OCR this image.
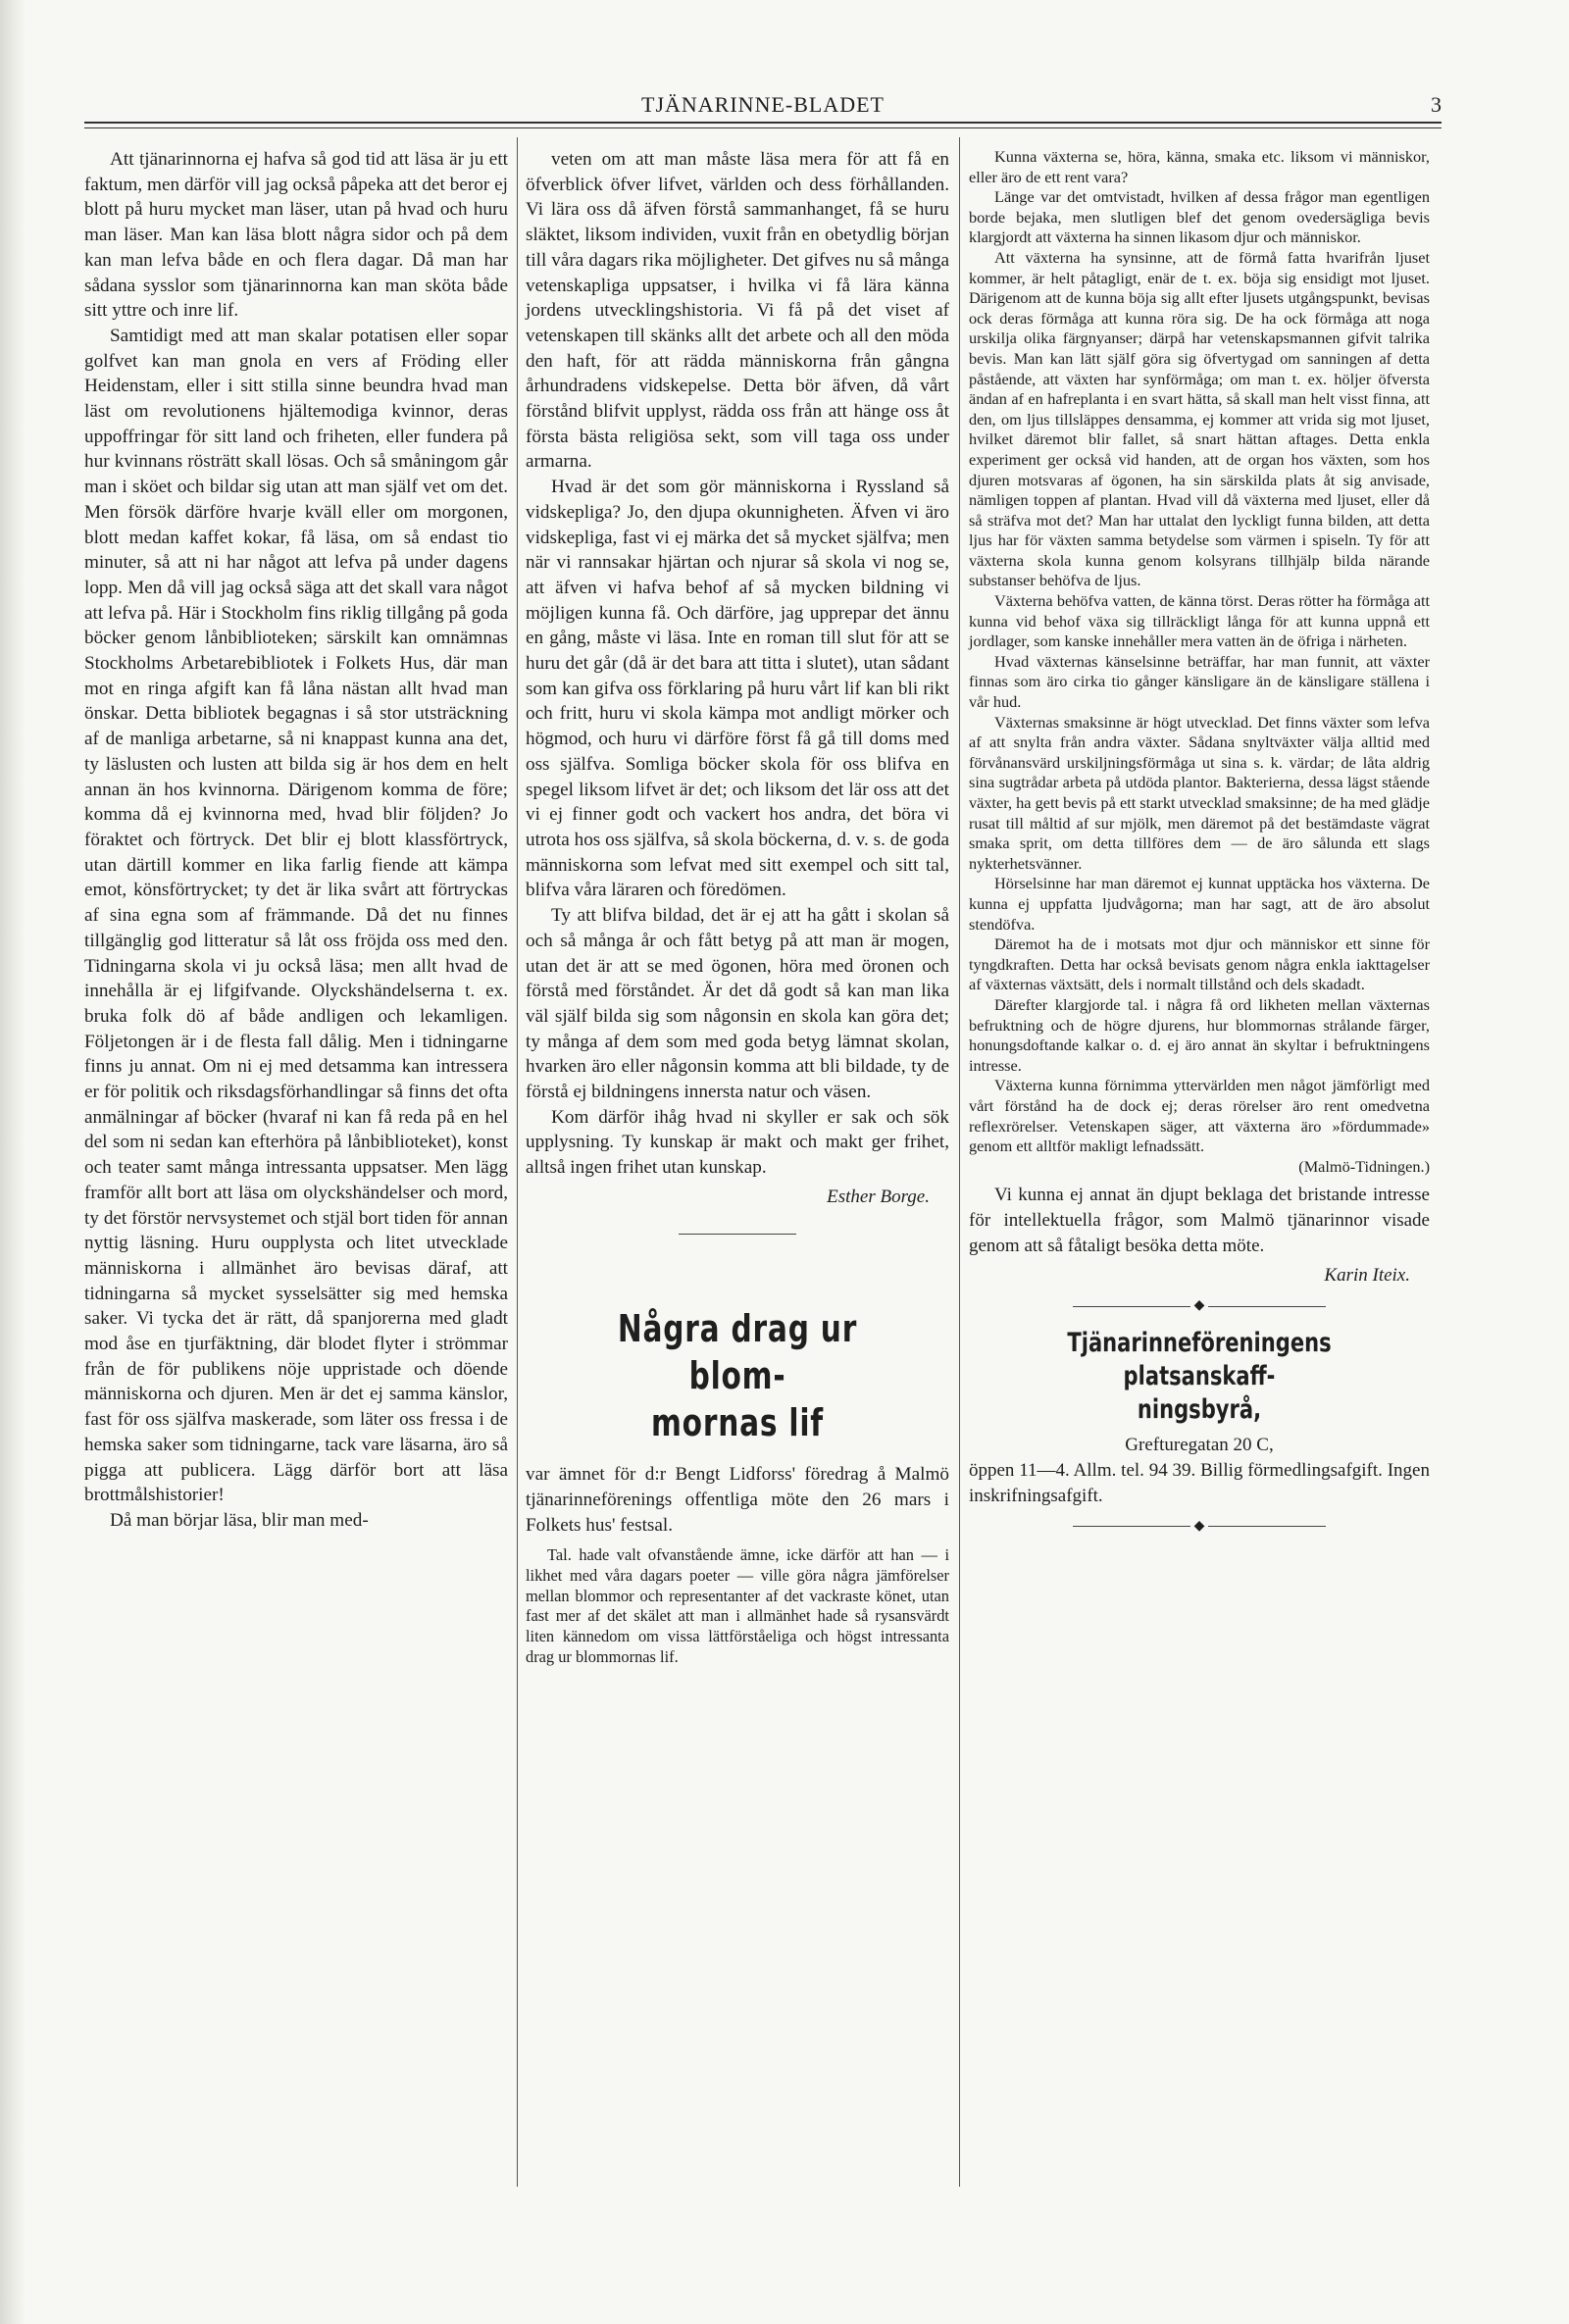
TJÄNARINNE-BLADET	3

Att tjänarinnorna ej hafva så god tid att läsa är ju ett faktum, men därför vill jag också påpeka att det beror ej blott på huru mycket man läser, utan på hvad och huru man läser. Man kan läsa blott några sidor och på dem kan man lefva både en och flera dagar. Då man har sådana sysslor som tjänarinnorna kan man sköta både sitt yttre och inre lif.

Samtidigt med att man skalar potatisen eller sopar golfvet kan man gnola en vers af Fröding eller Heidenstam, eller i sitt stilla sinne beundra hvad man läst om revolutionens hjältemodiga kvinnor, deras uppoffringar för sitt land och friheten, eller fundera på hur kvinnans rösträtt skall lösas. Och så småningom går man i sköet och bildar sig utan att man själf vet om det. Men försök därföre hvarje kväll eller om morgonen, blott medan kaffet kokar, få läsa, om så endast tio minuter, så att ni har något att lefva på under dagens lopp. Men då vill jag också säga att det skall vara något att lefva på. Här i Stockholm fins riklig tillgång på goda böcker genom lånbiblioteken; särskilt kan omnämnas Stockholms Arbetarebibliotek i Folkets Hus, där man mot en ringa afgift kan få låna nästan allt hvad man önskar. Detta bibliotek begagnas i så stor utsträckning af de manliga arbetarne, så ni knappast kunna ana det, ty läslusten och lusten att bilda sig är hos dem en helt annan än hos kvinnorna. Därigenom komma de före; komma då ej kvinnorna med, hvad blir följden? Jo föraktet och förtryck. Det blir ej blott klassförtryck, utan därtill kommer en lika farlig fiende att kämpa emot, könsförtrycket; ty det är lika svårt att förtryckas af sina egna som af främmande. Då det nu finnes tillgänglig god litteratur så låt oss fröjda oss med den. Tidningarna skola vi ju också läsa; men allt hvad de innehålla är ej lifgifvande. Olyckshändelserna t. ex. bruka folk dö af både andligen och lekamligen. Följetongen är i de flesta fall dålig. Men i tidningarne finns ju annat. Om ni ej med detsamma kan intressera er för politik och riksdagsförhandlingar så finns det ofta anmälningar af böcker (hvaraf ni kan få reda på en hel del som ni sedan kan efterhöra på lånbiblioteket), konst och teater samt många intressanta uppsatser. Men lägg framför allt bort att läsa om olyckshändelser och mord, ty det förstör nervsystemet och stjäl bort tiden för annan nyttig läsning. Huru oupplysta och litet utvecklade människorna i allmänhet äro bevisas däraf, att tidningarna så mycket sysselsätter sig med hemska saker. Vi tycka det är rätt, då spanjorerna med gladt mod åse en tjurfäktning, där blodet flyter i strömmar från de för publikens nöje uppristade och döende människorna och djuren. Men är det ej samma känslor, fast för oss själfva maskerade, som läter oss fressa i de hemska saker som tidningarne, tack vare läsarna, äro så pigga att publicera. Lägg därför bort att läsa brottmålshistorier!

Då man börjar läsa, blir man med-

veten om att man måste läsa mera för att få en öfverblick öfver lifvet, världen och dess förhållanden. Vi lära oss då äfven förstå sammanhanget, få se huru släktet, liksom individen, vuxit från en obetydlig början till våra dagars rika möjligheter. Det gifves nu så många vetenskapliga uppsatser, i hvilka vi få lära känna jordens utvecklingshistoria. Vi få på det viset af vetenskapen till skänks allt det arbete och all den möda den haft, för att rädda människorna från gångna århundradens vidskepelse. Detta bör äfven, då vårt förstånd blifvit upplyst, rädda oss från att hänge oss åt första bästa religiösa sekt, som vill taga oss under armarna.

Hvad är det som gör människorna i Ryssland så vidskepliga? Jo, den djupa okunnigheten. Äfven vi äro vidskepliga, fast vi ej märka det så mycket själfva; men när vi rannsakar hjärtan och njurar så skola vi nog se, att äfven vi hafva behof af så mycken bildning vi möjligen kunna få. Och därföre, jag upprepar det ännu en gång, måste vi läsa. Inte en roman till slut för att se huru det går (då är det bara att titta i slutet), utan sådant som kan gifva oss förklaring på huru vårt lif kan bli rikt och fritt, huru vi skola kämpa mot andligt mörker och högmod, och huru vi därföre först få gå till doms med oss själfva. Somliga böcker skola för oss blifva en spegel liksom lifvet är det; och liksom det lär oss att det vi ej finner godt och vackert hos andra, det böra vi utrota hos oss själfva, så skola böckerna, d. v. s. de goda människorna som lefvat med sitt exempel och sitt tal, blifva våra läraren och föredömen.

Ty att blifva bildad, det är ej att ha gått i skolan så och så många år och fått betyg på att man är mogen, utan det är att se med ögonen, höra med öronen och förstå med förståndet. Är det då godt så kan man lika väl själf bilda sig som någonsin en skola kan göra det; ty många af dem som med goda betyg lämnat skolan, hvarken äro eller någonsin komma att bli bildade, ty de förstå ej bildningens innersta natur och väsen.

Kom därför ihåg hvad ni skyller er sak och sök upplysning. Ty kunskap är makt och makt ger frihet, alltså ingen frihet utan kunskap.

Esther Borge.
Några drag ur blom-
mornas lif

var ämnet för d:r Bengt Lidforss' föredrag å Malmö tjänarinneförenings offentliga möte den 26 mars i Folkets hus' festsal.

Tal. hade valt ofvanstående ämne, icke därför att han — i likhet med våra dagars poeter — ville göra några jämförelser mellan blommor och representanter af det vackraste könet, utan fast mer af det skälet att man i allmänhet hade så rysansvärdt liten kännedom om vissa lättförståeliga och högst intressanta drag ur blommornas lif.

Kunna växterna se, höra, känna, smaka etc. liksom vi människor, eller äro de ett rent vara?

Länge var det omtvistadt, hvilken af dessa frågor man egentligen borde bejaka, men slutligen blef det genom ovedersägliga bevis klargjordt att växterna ha sinnen likasom djur och människor.

Att växterna ha synsinne, att de förmå fatta hvarifrån ljuset kommer, är helt påtagligt, enär de t. ex. böja sig ensidigt mot ljuset. Därigenom att de kunna böja sig allt efter ljusets utgångspunkt, bevisas ock deras förmåga att kunna röra sig. De ha ock förmåga att noga urskilja olika färgnyanser; därpå har vetenskapsmannen gifvit talrika bevis. Man kan lätt själf göra sig öfvertygad om sanningen af detta påstående, att växten har synförmåga; om man t. ex. höljer öfversta ändan af en hafreplanta i en svart hätta, så skall man helt visst finna, att den, om ljus tillsläppes densamma, ej kommer att vrida sig mot ljuset, hvilket däremot blir fallet, så snart hättan aftages. Detta enkla experiment ger också vid handen, att de organ hos växten, som hos djuren motsvaras af ögonen, ha sin särskilda plats åt sig anvisade, nämligen toppen af plantan. Hvad vill då växterna med ljuset, eller då så sträfva mot det? Man har uttalat den lyckligt funna bilden, att detta ljus har för växten samma betydelse som värmen i spiseln. Ty för att växterna skola kunna genom kolsyrans tillhjälp bilda närande substanser behöfva de ljus.

Växterna behöfva vatten, de känna törst. Deras rötter ha förmåga att kunna vid behof växa sig tillräckligt långa för att kunna uppnå ett jordlager, som kanske innehåller mera vatten än de öfriga i närheten.

Hvad växternas känselsinne beträffar, har man funnit, att växter finnas som äro cirka tio gånger känsligare än de känsligare ställena i vår hud.

Växternas smaksinne är högt utvecklad. Det finns växter som lefva af att snylta från andra växter. Sådana snyltväxter välja alltid med förvånansvärd urskiljningsförmåga ut sina s. k. värdar; de låta aldrig sina sugtrådar arbeta på utdöda plantor. Bakterierna, dessa lägst stående växter, ha gett bevis på ett starkt utvecklad smaksinne; de ha med glädje rusat till måltid af sur mjölk, men däremot på det bestämdaste vägrat smaka sprit, om detta tillföres dem — de äro sålunda ett slags nykterhetsvänner.

Hörselsinne har man däremot ej kunnat upptäcka hos växterna. De kunna ej uppfatta ljudvågorna; man har sagt, att de äro absolut stendöfva.

Däremot ha de i motsats mot djur och människor ett sinne för tyngdkraften. Detta har också bevisats genom några enkla iakttagelser af växternas växtsätt, dels i normalt tillstånd och dels skadadt.

Därefter klargjorde tal. i några få ord likheten mellan växternas befruktning och de högre djurens, hur blommornas strålande färger, honungsdoftande kalkar o. d. ej äro annat än skyltar i befruktningens intresse.

Växterna kunna förnimma yttervärlden men något jämförligt med vårt förstånd ha de dock ej; deras rörelser äro rent omedvetna reflexrörelser. Vetenskapen säger, att växterna äro »fördummade» genom ett alltför makligt lefnadssätt.

(Malmö-Tidningen.)

Vi kunna ej annat än djupt beklaga det bristande intresse för intellektuella frågor, som Malmö tjänarinnor visade genom att så fåtaligt besöka detta möte.

Karin Iteix.
◆
Tjänarinneföreningens platsanskaff-
ningsbyrå,

Grefturegatan 20 C,

öppen 11—4. Allm. tel. 94 39. Billig förmedlingsafgift. Ingen inskrifningsafgift.

◆
